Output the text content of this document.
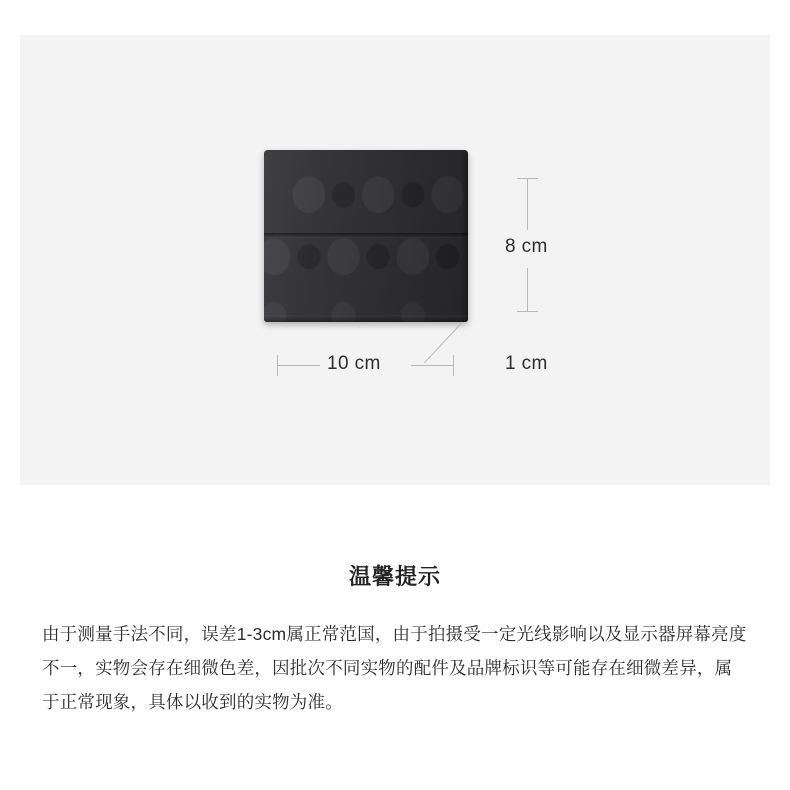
8 cm
10 cm	1 cm
温馨提示
由于测量手法不同，误差1-3cm属正常范国，由于拍摄受一定光线影响以及显示器屏幕亮度不一，实物会存在细微色差，因批次不同实物的配件及品牌标识等可能存在细微差异，属于正常现象，具体以收到的实物为准。
